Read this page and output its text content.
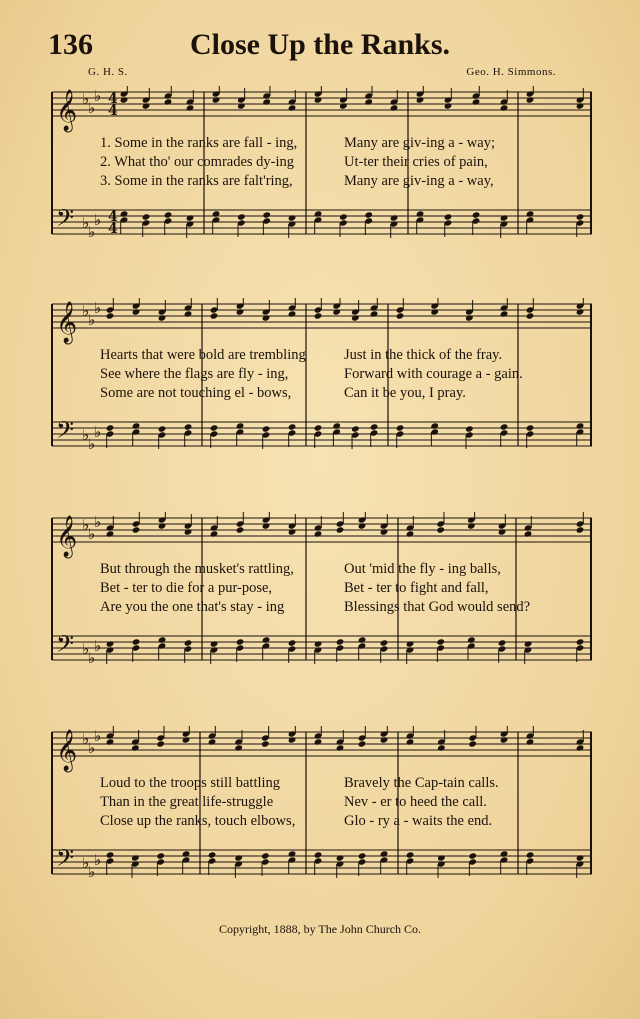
136	Close Up the Ranks.
G. H. S.	Geo. H. Simmons.
𝄞
𝄢
♭
♭
♭
♭
♭
♭
4
4
4
4
1. Some in the ranks are fall - ing,	Many are giv-ing a - way;
2. What tho' our comrades dy-ing	Ut-ter their cries of pain,
3. Some in the ranks are falt'ring,	Many are giv-ing a - way,
𝄞
𝄢
♭
♭
♭
♭
♭
♭
Hearts that were bold are trembling	Just in the thick of the fray.
See where the flags are fly - ing,	Forward with courage a - gain.
Some are not touching el - bows,	Can it be you, I pray.
𝄞
𝄢
♭
♭
♭
♭
♭
♭
But through the musket's rattling,	Out 'mid the fly - ing balls,
Bet - ter to die for a pur-pose,	Bet - ter to fight and fall,
Are you the one that's stay - ing	Blessings that God would send?
𝄞
𝄢
♭
♭
♭
♭
♭
♭
Loud to the troops still battling	Bravely the Cap-tain calls.
Than in the great life-struggle	Nev - er to heed the call.
Close up the ranks, touch elbows,	Glo - ry a - waits the end.
Copyright, 1888, by The John Church Co.
